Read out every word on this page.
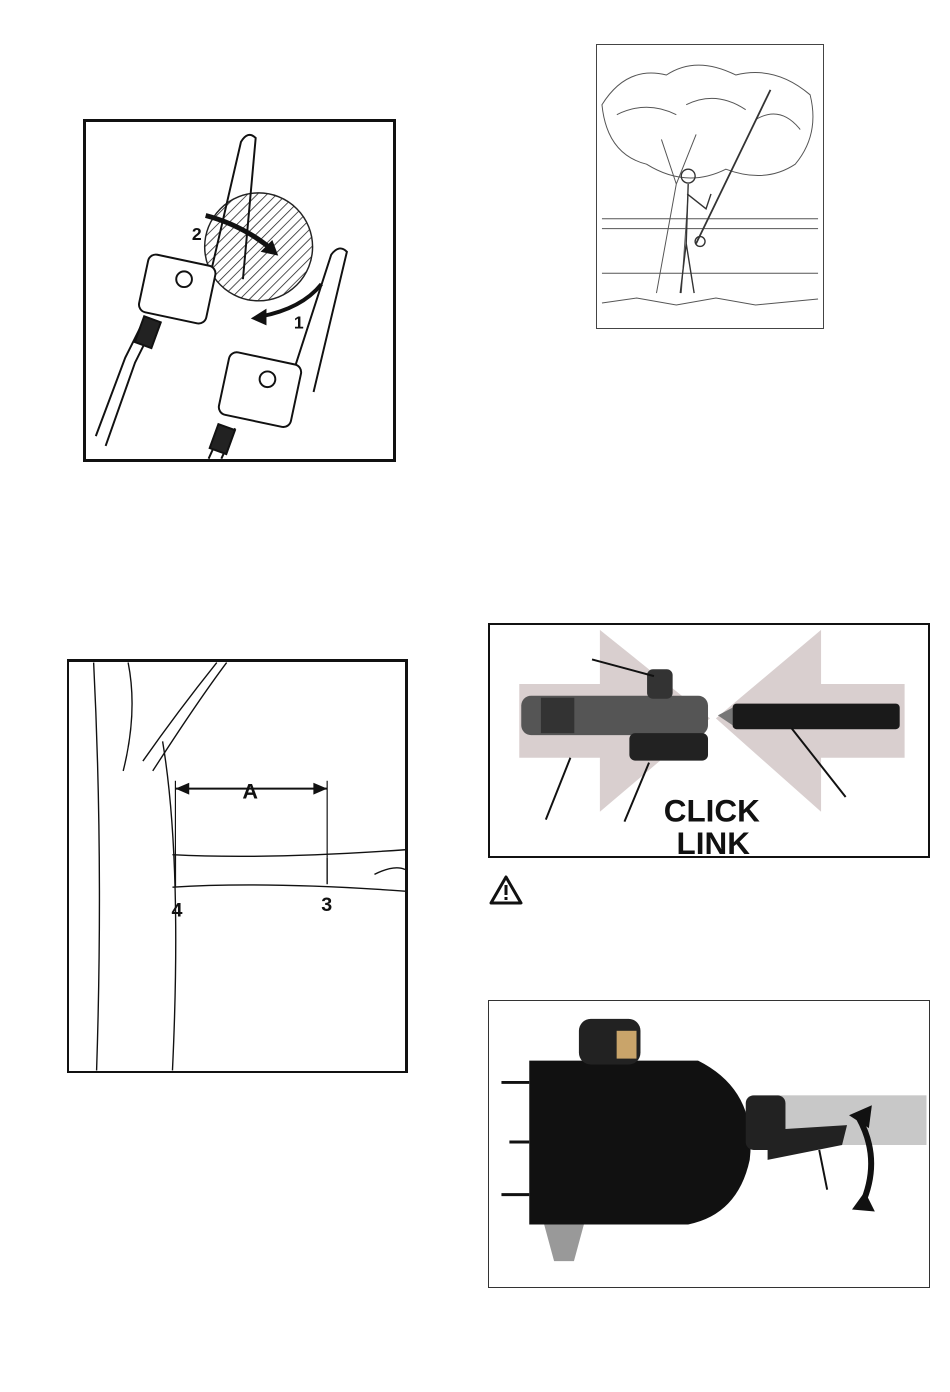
2
1
A
3
4
CLICK
LINK
